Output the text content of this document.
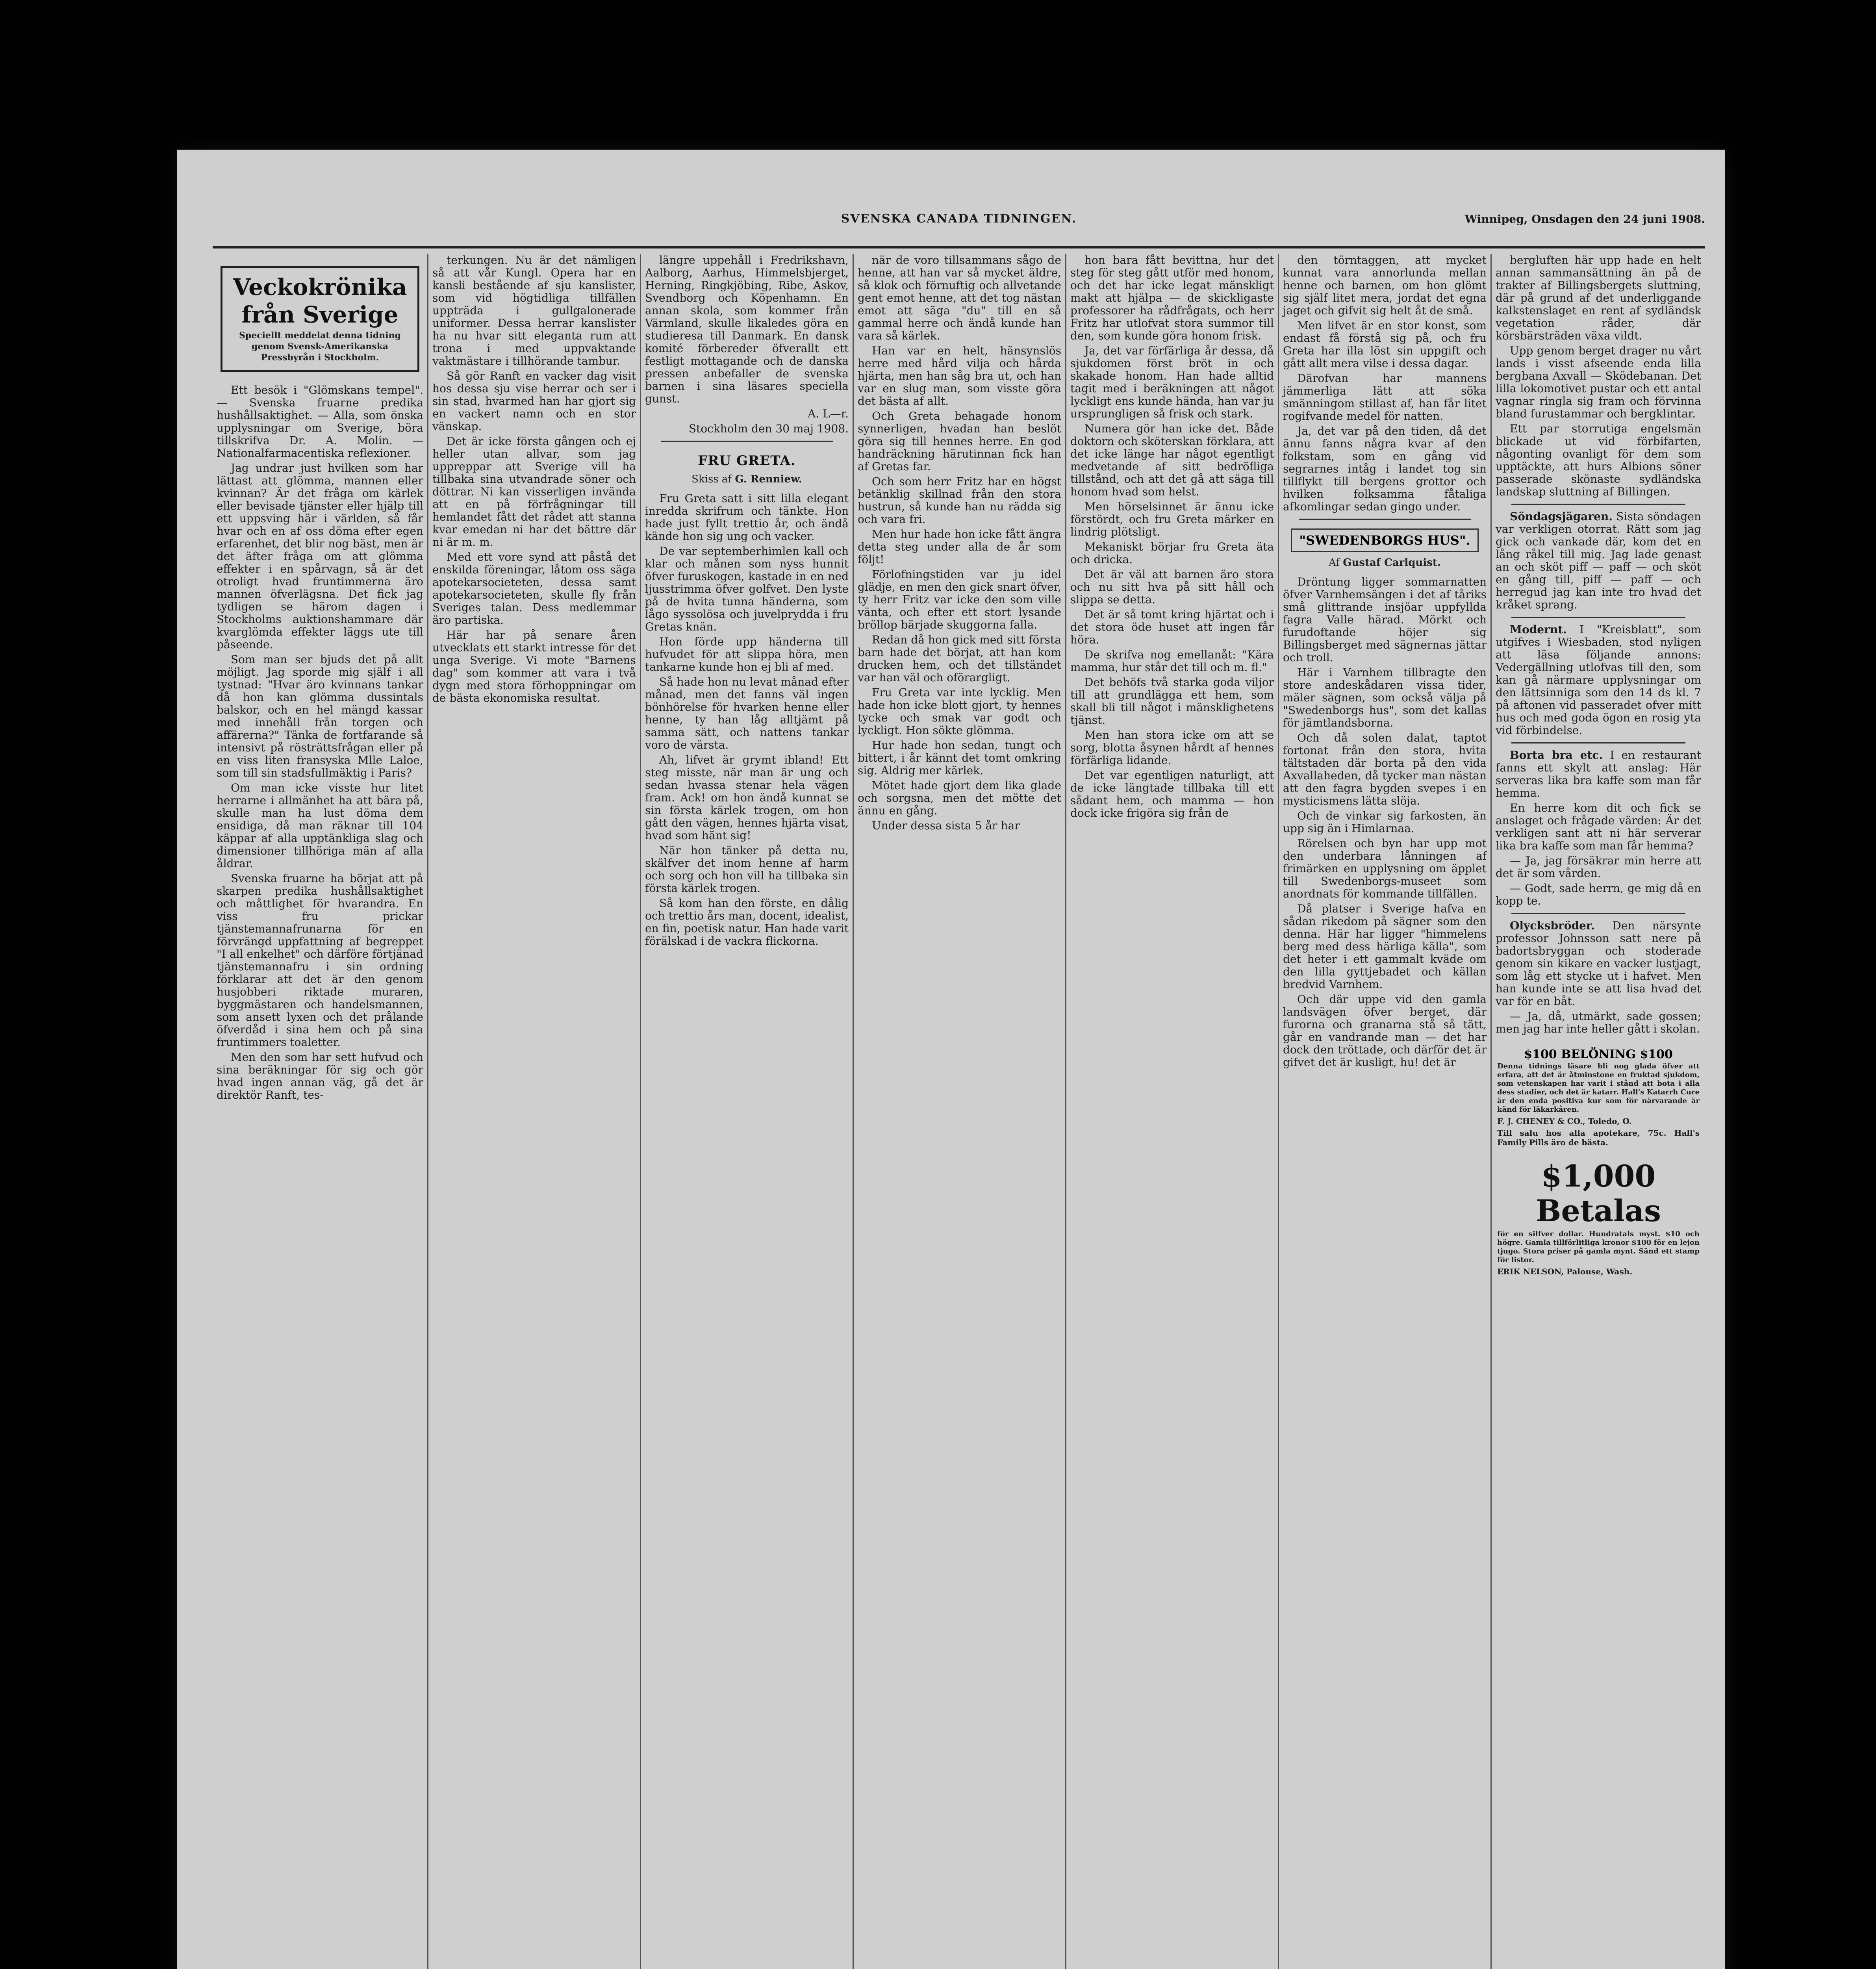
SVENSKA CANADA TIDNINGEN.	Winnipeg, Onsdagen den 24 juni 1908.
Veckokrönika från Sverige
Speciellt meddelat denna tidning genom Svensk-Amerikanska Pressbyrån i Stockholm.

Ett besök i "Glömskans tempel". — Svenska fruarne predika hushållsaktighet. — Alla, som önska upplysningar om Sverige, böra tillskrifva Dr. A. Molin. — Nationalfarmacentiska reflexioner.

Jag undrar just hvilken som har lättast att glömma, mannen eller kvinnan? Är det fråga om kärlek eller bevisade tjänster eller hjälp till ett uppsving här i världen, så får hvar och en af oss döma efter egen erfarenhet, det blir nog bäst, men är det äfter fråga om att glömma effekter i en spårvagn, så är det otroligt hvad fruntimmerna äro mannen öfverlägsna. Det fick jag tydligen se härom dagen i Stockholms auktionshammare där kvarglömda effekter läggs ute till påseende.

Som man ser bjuds det på allt möjligt. Jag sporde mig själf i all tystnad: "Hvar äro kvinnans tankar då hon kan glömma dussintals balskor, och en hel mängd kassar med innehåll från torgen och affärerna?" Tänka de fortfarande så intensivt på rösträttsfrågan eller på en viss liten fransyska Mlle Laloe, som till sin stadsfullmäktig i Paris?

Om man icke visste hur litet herrarne i allmänhet ha att bära på, skulle man ha lust döma dem ensidiga, då man räknar till 104 käppar af alla upptänkliga slag och dimensioner tillhöriga män af alla åldrar.

Svenska fruarne ha börjat att på skarpen predika hushållsaktighet och måttlighet för hvarandra. En viss fru prickar tjänstemannafrunarna för en förvrängd uppfattning af begreppet "I all enkelhet" och därföre förtjänad tjänstemannafru i sin ordning förklarar att det är den genom husjobberi riktade muraren, byggmästaren och handelsmannen, som ansett lyxen och det prålande öfverdåd i sina hem och på sina fruntimmers toaletter.

Men den som har sett hufvud och sina beräkningar för sig och gör hvad ingen annan väg, gå det är direktör Ranft, tes-

terkungen. Nu är det nämligen så att vår Kungl. Opera har en kansli bestående af sju kanslister, som vid högtidliga tillfällen uppträda i gullgalonerade uniformer. Dessa herrar kanslister ha nu hvar sitt eleganta rum att trona i med uppvaktande vaktmästare i tillhörande tambur.

Så gör Ranft en vacker dag visit hos dessa sju vise herrar och ser i sin stad, hvarmed han har gjort sig en vackert namn och en stor vänskap.

Det är icke första gången och ej heller utan allvar, som jag uppreppar att Sverige vill ha tillbaka sina utvandrade söner och döttrar. Ni kan visserligen invända att en på förfrågningar till hemlandet fått det rådet att stanna kvar emedan ni har det bättre där ni är m. m.

Med ett vore synd att påstå det enskilda föreningar, låtom oss säga apotekarsocieteten, dessa samt apotekarsocieteten, skulle fly från Sveriges talan. Dess medlemmar äro partiska.

Här har på senare åren utvecklats ett starkt intresse för det unga Sverige. Vi mote "Barnens dag" som kommer att vara i två dygn med stora förhoppningar om de bästa ekonomiska resultat.

längre uppehåll i Fredrikshavn, Aalborg, Aarhus, Himmelsbjerget, Herning, Ringkjöbing, Ribe, Askov, Svendborg och Köpenhamn. En annan skola, som kommer från Värmland, skulle likaledes göra en studieresa till Danmark. En dansk komité förbereder öfverallt ett festligt mottagande och de danska pressen anbefaller de svenska barnen i sina läsares speciella gunst.

A. L—r.

Stockholm den 30 maj 1908.

FRU GRETA.
Skiss af G. Renniew.

Fru Greta satt i sitt lilla elegant inredda skrifrum och tänkte. Hon hade just fyllt trettio år, och ändå kände hon sig ung och vacker.

De var septemberhimlen kall och klar och månen som nyss hunnit öfver furuskogen, kastade in en ned ljusstrimma öfver golfvet. Den lyste på de hvita tunna händerna, som lågo syssolösa och juvelprydda i fru Gretas knän.

Hon förde upp händerna till hufvudet för att slippa höra, men tankarne kunde hon ej bli af med.

Så hade hon nu levat månad efter månad, men det fanns väl ingen bönhörelse för hvarken henne eller henne, ty han låg alltjämt på samma sätt, och nattens tankar voro de värsta.

Ah, lifvet är grymt ibland! Ett steg misste, när man är ung och sedan hvassa stenar hela vägen fram. Ack! om hon ändå kunnat se sin första kärlek trogen, om hon gått den vägen, hennes hjärta visat, hvad som hänt sig!

När hon tänker på detta nu, skälfver det inom henne af harm och sorg och hon vill ha tillbaka sin första kärlek trogen.

Så kom han den förste, en dålig och trettio års man, docent, idealist, en fin, poetisk natur. Han hade varit förälskad i de vackra flickorna.

när de voro tillsammans sågo de henne, att han var så mycket äldre, så klok och förnuftig och allvetande gent emot henne, att det tog nästan emot att säga "du" till en så gammal herre och ändå kunde han vara så kärlek.

Han var en helt, hänsynslös herre med hård vilja och hårda hjärta, men han såg bra ut, och han var en slug man, som visste göra det bästa af allt.

Och Greta behagade honom synnerligen, hvadan han beslöt göra sig till hennes herre. En god handräckning härutinnan fick han af Gretas far.

Och som herr Fritz har en högst betänklig skillnad från den stora hustrun, så kunde han nu rädda sig och vara fri.

Men hur hade hon icke fått ängra detta steg under alla de år som följt!

Förlofningstiden var ju idel glädje, en men den gick snart öfver, ty herr Fritz var icke den som ville vänta, och efter ett stort lysande bröllop bärjade skuggorna falla.

Redan då hon gick med sitt första barn hade det börjat, att han kom drucken hem, och det tillständet var han väl och oförargligt.

Fru Greta var inte lycklig. Men hade hon icke blott gjort, ty hennes tycke och smak var godt och lyckligt. Hon sökte glömma.

Hur hade hon sedan, tungt och bittert, i år kännt det tomt omkring sig. Aldrig mer kärlek.

Mötet hade gjort dem lika glade och sorgsna, men det mötte det ännu en gång.

Under dessa sista 5 år har

hon bara fått bevittna, hur det steg för steg gått utför med honom, och det har icke legat mänskligt makt att hjälpa — de skickligaste professorer ha rådfrågats, och herr Fritz har utlofvat stora summor till den, som kunde göra honom frisk.

Ja, det var förfärliga år dessa, då sjukdomen först bröt in och skakade honom. Han hade alltid tagit med i beräkningen att något lyckligt ens kunde hända, han var ju ursprungligen så frisk och stark.

Numera gör han icke det. Både doktorn och sköterskan förklara, att det icke länge har något egentligt medvetande af sitt bedröfliga tillstånd, och att det gå att säga till honom hvad som helst.

Men hörselsinnet är ännu icke förstördt, och fru Greta märker en lindrig plötsligt.

Mekaniskt börjar fru Greta äta och dricka.

Det är väl att barnen äro stora och nu sitt hva på sitt håll och slippa se detta.

Det är så tomt kring hjärtat och i det stora öde huset att ingen får höra.

De skrifva nog emellanåt: "Kära mamma, hur står det till och m. fl."

Det behöfs två starka goda viljor till att grundlägga ett hem, som skall bli till något i mänsklighetens tjänst.

Men han stora icke om att se sorg, blotta åsynen hårdt af hennes förfärliga lidande.

Det var egentligen naturligt, att de icke längtade tillbaka till ett sådant hem, och mamma — hon dock icke frigöra sig från de

den törntaggen, att mycket kunnat vara annorlunda mellan henne och barnen, om hon glömt sig själf litet mera, jordat det egna jaget och gifvit sig helt åt de små.

Men lifvet är en stor konst, som endast få förstå sig på, och fru Greta har illa löst sin uppgift och gått allt mera vilse i dessa dagar.

Därofvan har mannens jämmerliga lätt att söka smänningom stillast af, han får litet rogifvande medel för natten.

Ja, det var på den tiden, då det ännu fanns några kvar af den folkstam, som en gång vid segrarnes intåg i landet tog sin tillflykt till bergens grottor och hvilken folksamma fåtaliga afkomlingar sedan gingo under.

"SWEDENBORGS HUS".
Af Gustaf Carlquist.

Dröntung ligger sommarnatten öfver Varnhemsängen i det af tåriks små glittrande insjöar uppfyllda fagra Valle härad. Mörkt och furudoftande höjer sig Billingsberget med sägnernas jättar och troll.

Här i Varnhem tillbragte den store andeskådaren vissa tider, mäler sägnen, som också välja på "Swedenborgs hus", som det kallas för jämtlandsborna.

Och då solen dalat, taptot fortonat från den stora, hvita tältstaden där borta på den vida Axvallaheden, då tycker man nästan att den fagra bygden svepes i en mysticismens lätta slöja.

Och de vinkar sig farkosten, än upp sig än i Himlarnaa.

Rörelsen och byn har upp mot den underbara lånningen af frimärken en upplysning om äpplet till Swedenborgs-museet som anordnats för kommande tillfällen.

Då platser i Sverige hafva en sådan rikedom på sägner som den denna. Här har ligger "himmelens berg med dess härliga källa", som det heter i ett gammalt kväde om den lilla gyttjebadet och källan bredvid Varnhem.

Och där uppe vid den gamla landsvägen öfver berget, där furorna och granarna stå så tätt, går en vandrande man — det har dock den tröttade, och därför det är gifvet det är kusligt, hu! det är

bergluften här upp hade en helt annan sammansättning än på de trakter af Billingsbergets sluttning, där på grund af det underliggande kalkstenslaget en rent af sydländsk vegetation råder, där körsbärsträden växa vildt.

Upp genom berget drager nu vårt lands i visst afseende enda lilla bergbana Axvall — Sködebanan. Det lilla lokomotivet pustar och ett antal vagnar ringla sig fram och förvinna bland furustammar och bergklintar.

Ett par storrutiga engelsmän blickade ut vid förbifarten, någonting ovanligt för dem som upptäckte, att hurs Albions söner passerade skönaste sydländska landskap sluttning af Billingen.

Söndagsjägaren. Sista söndagen var verkligen otorrat. Rätt som jag gick och vankade där, kom det en lång råkel till mig. Jag lade genast an och sköt piff — paff — och sköt en gång till, piff — paff — och herregud jag kan inte tro hvad det kråket sprang.

Modernt. I "Kreisblatt", som utgifves i Wiesbaden, stod nyligen att läsa följande annons: Vedergällning utlofvas till den, som kan gå närmare upplysningar om den lättsinniga som den 14 ds kl. 7 på aftonen vid passeradet ofver mitt hus och med goda ögon en rosig yta vid förbindelse.

Borta bra etc. I en restaurant fanns ett skylt att anslag: Här serveras lika bra kaffe som man får hemma.

En herre kom dit och fick se anslaget och frågade värden: Är det verkligen sant att ni här serverar lika bra kaffe som man får hemma?

— Ja, jag försäkrar min herre att det är som vården.

— Godt, sade herrn, ge mig då en kopp te.

Olycksbröder. Den närsynte professor Johnsson satt nere på badortsbryggan och stoderade genom sin kikare en vacker lustjagt, som låg ett stycke ut i hafvet. Men han kunde inte se att lisa hvad det var för en båt.

— Ja, då, utmärkt, sade gossen; men jag har inte heller gått i skolan.

$100 BELÖNING $100

Denna tidnings läsare bli nog glada öfver att erfara, att det är åtminstone en fruktad sjukdom, som vetenskapen har varit i stånd att bota i alla dess stadier, och det är katarr. Hall's Katarrh Cure är den enda positiva kur som för närvarande är känd för läkarkåren.

F. J. CHENEY & CO., Toledo, O.

Till salu hos alla apotekare, 75c. Hall's Family Pills äro de bästa.

$1,000 Betalas

för en silfver dollar. Hundratals myst. $10 och högre. Gamla tillförlitliga kronor $100 för en lejon tjugo. Stora priser på gamla mynt. Sänd ett stamp för listor.

ERIK NELSON, Palouse, Wash.
